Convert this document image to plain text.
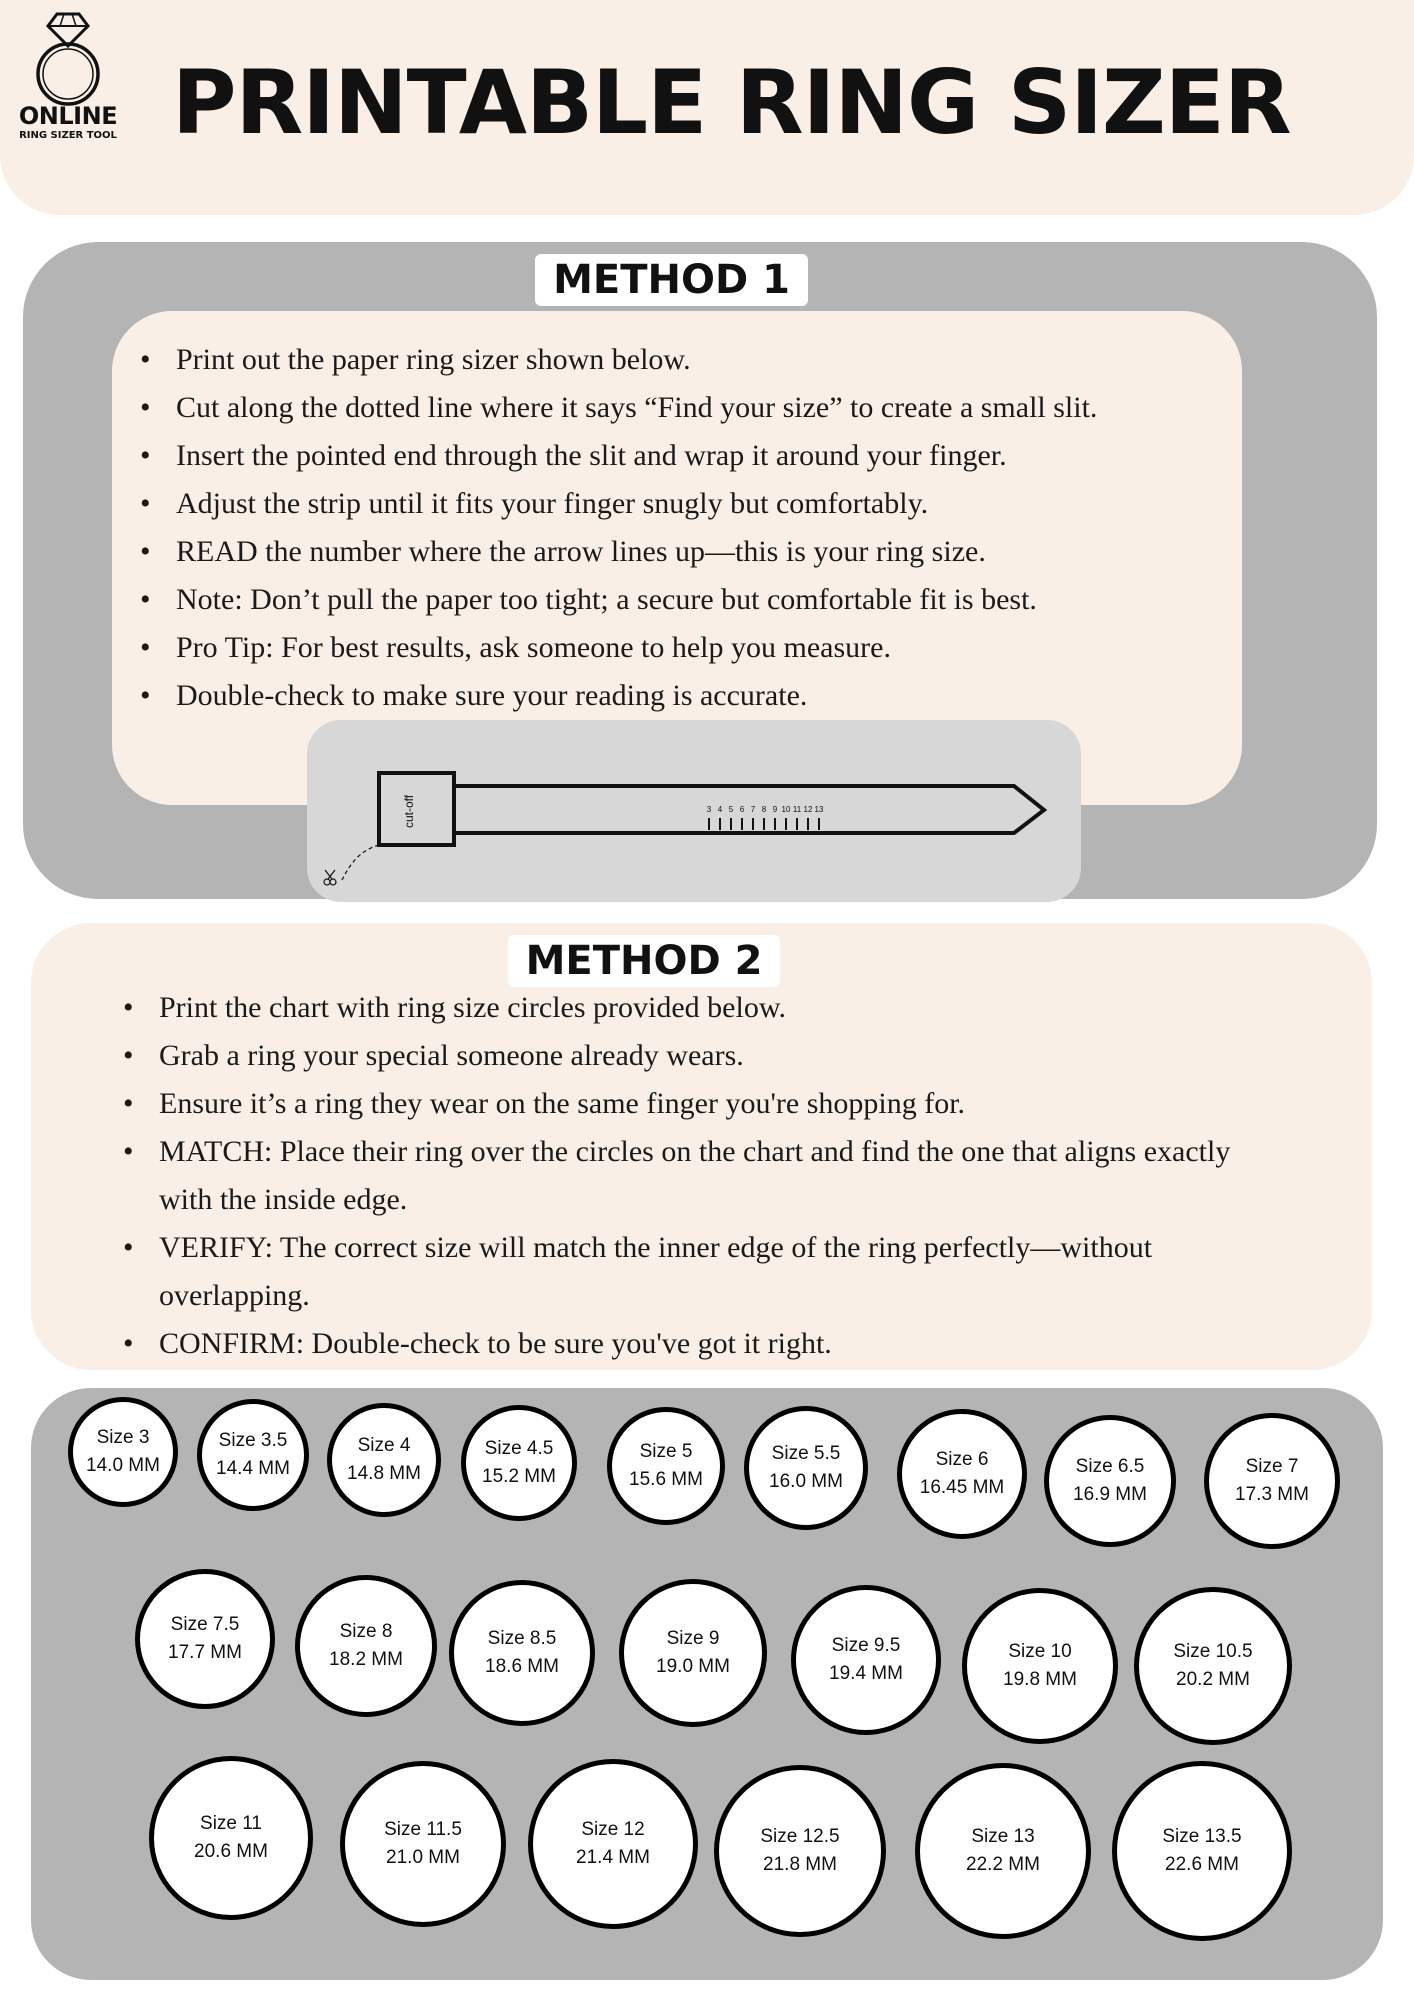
ONLINE
RING SIZER TOOL PRINTABLE RING SIZER
METHOD 1
• Print out the paper ring sizer shown below.
• Cut along the dotted line where it says “Find your size” to create a small slit.
• Insert the pointed end through the slit and wrap it around your finger.
• Adjust the strip until it fits your finger snugly but comfortably.
• READ the number where the arrow lines up—this is your ring size.
• Note: Don’t pull the paper too tight; a secure but comfortable fit is best.
• Pro Tip: For best results, ask someone to help you measure.
• Double-check to make sure your reading is accurate.
cut-off	3 4 5 6 7 8 9 10 11 12 13
METHOD 2
• Print the chart with ring size circles provided below.
• Grab a ring your special someone already wears.
• Ensure it’s a ring they wear on the same finger you're shopping for.
• MATCH: Place their ring over the circles on the chart and find the one that aligns exactly with the inside edge.
• VERIFY: The correct size will match the inner edge of the ring perfectly—without overlapping.
• CONFIRM: Double-check to be sure you've got it right.
Size 3
14.0 MM
Size 3.5
14.4 MM
Size 4
14.8 MM
Size 4.5
15.2 MM
Size 5
15.6 MM
Size 5.5
16.0 MM
Size 6
16.45 MM
Size 6.5
16.9 MM
Size 7
17.3 MM
Size 7.5
17.7 MM
Size 8
18.2 MM
Size 8.5
18.6 MM
Size 9
19.0 MM
Size 9.5
19.4 MM
Size 10
19.8 MM
Size 10.5
20.2 MM
Size 11
20.6 MM
Size 11.5
21.0 MM
Size 12
21.4 MM
Size 12.5
21.8 MM
Size 13
22.2 MM
Size 13.5
22.6 MM
